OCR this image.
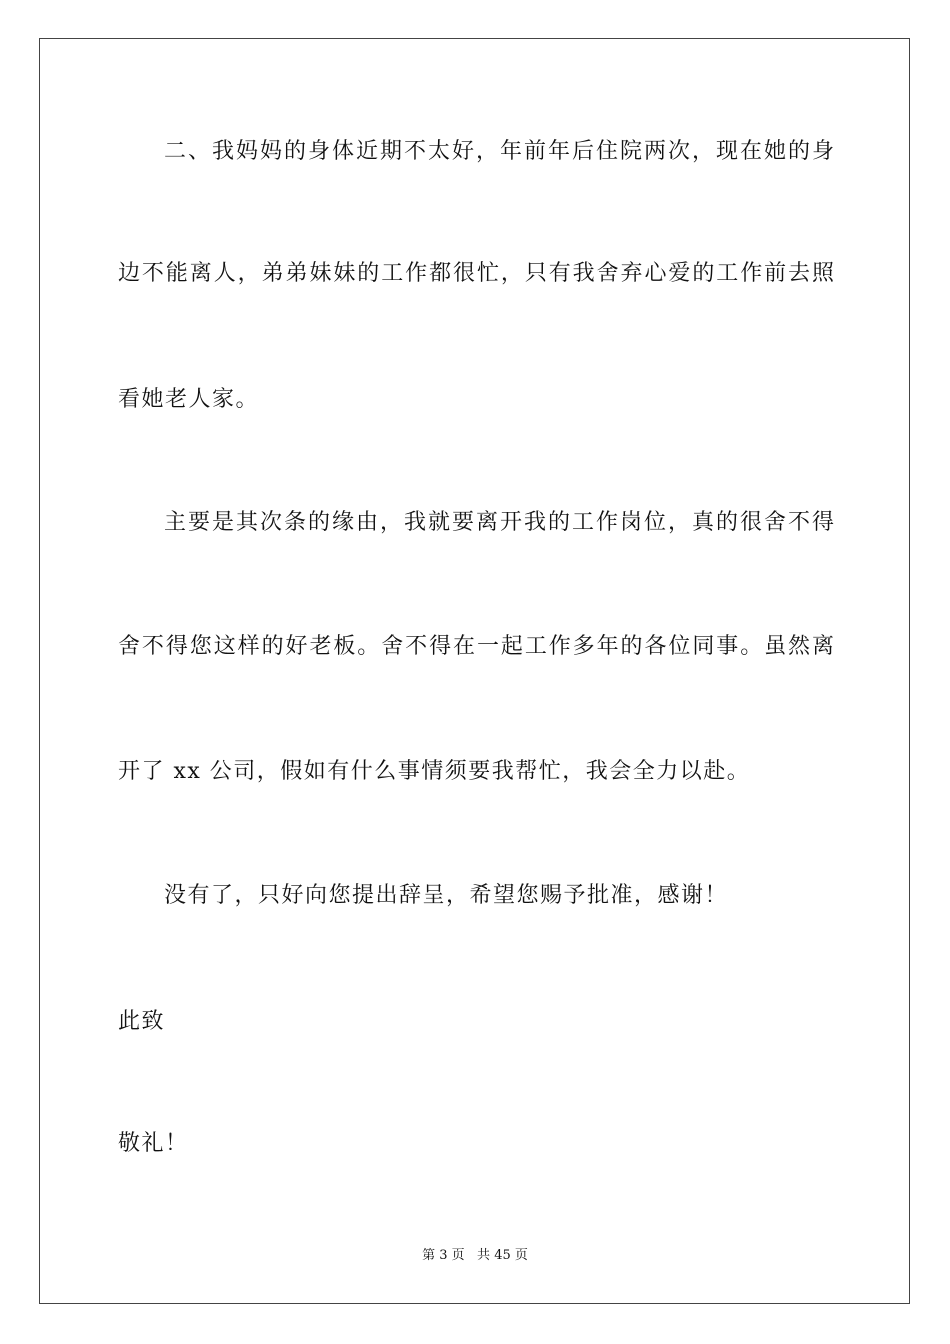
二、我妈妈的身体近期不太好，年前年后住院两次，现在她的身
边不能离人，弟弟妹妹的工作都很忙，只有我舍弃心爱的工作前去照
看她老人家。
主要是其次条的缘由，我就要离开我的工作岗位，真的很舍不得
舍不得您这样的好老板。舍不得在一起工作多年的各位同事。虽然离
开了 xx 公司，假如有什么事情须要我帮忙，我会全力以赴。
没有了，只好向您提出辞呈，希望您赐予批准，感谢！
此致
敬礼！
第 3 页   共 45 页
